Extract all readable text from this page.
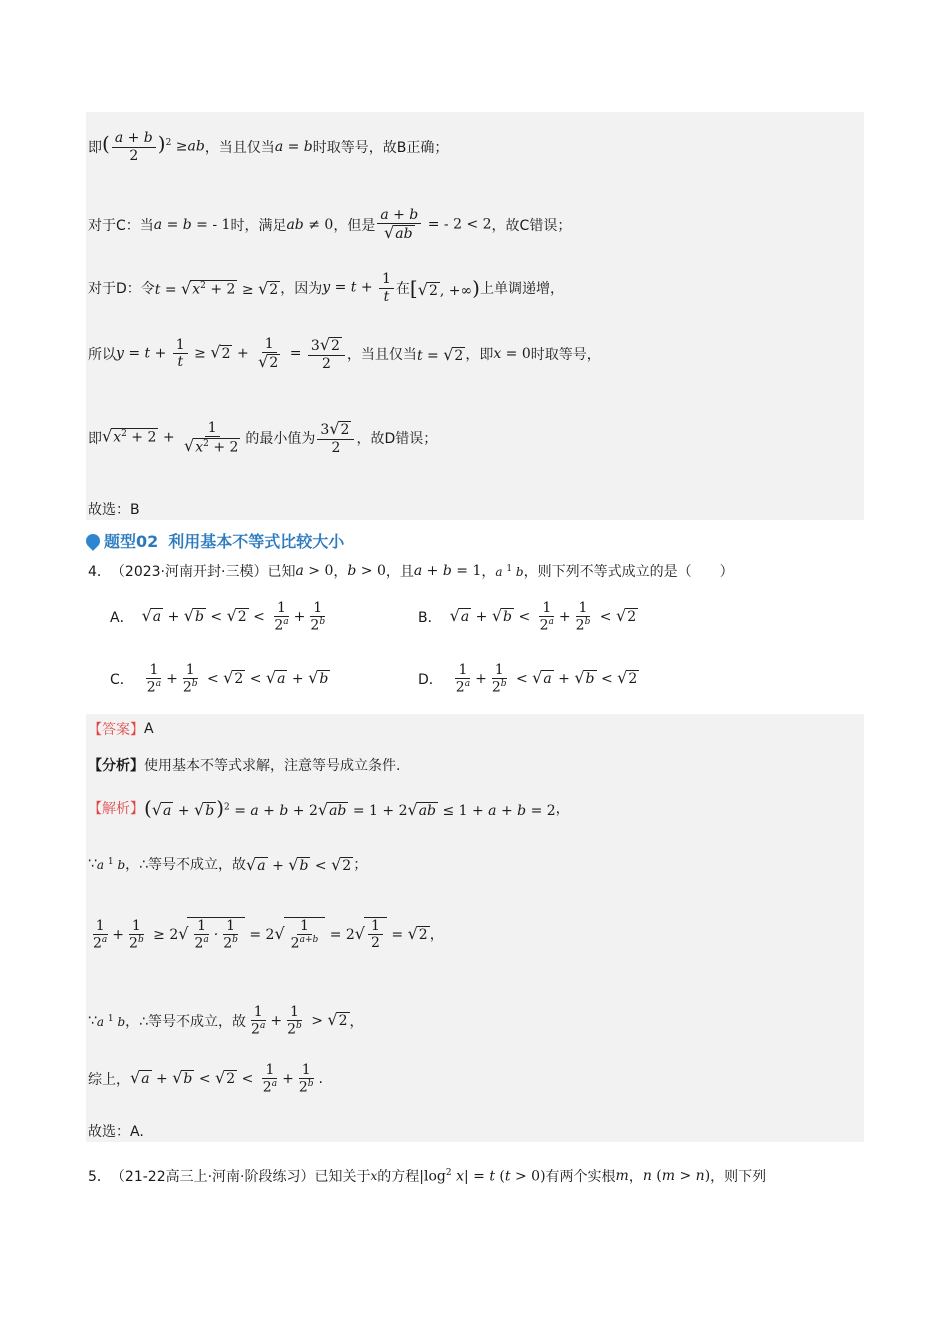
即 ( $\frac{a + b}{2} )^2 \ge ab$ ，当且仅当 a = b 时取等号，故B正确；
对于C：当 a = b = - 1 时，满足 ab ≠ 0 ，但是 $\frac{a + b}{√ab}$ = - 2 < 2 ，故C错误；
对于D：令 $t = √x^2 + 2 \ge √2$ ，因为 $y = t + \frac{1}{t}$ 在 [√2 , +∞) 上单调递增，
所以 $y = t + \frac{1}{t} \ge √2 + \frac{1}{√2} = \frac{3√2}{2}$ ，当且仅当 t = √2 ，即 x = 0 时取等号，
即 $√x^2 + 2 + \frac{1}{√x^2 + 2}$ 的最小值为 $\frac{3√2}{2}$ ，故D错误；
故选：B
题型02 利用基本不等式比较大小
4． （2023·河南开封·三模）已知 a > 0 ， b > 0 ，且 a + b = 1 ， a $^1$ b ，则下列不等式成立的是（　　）
A． $√a + √b < √2 < \frac{1}{2^a} + \frac{1}{2^b}$	B． $√a + √b < \frac{1}{2^a} + \frac{1}{2^b} < √2$
C． $\frac{1}{2^a} + \frac{1}{2^b} < √2 < √a + √b$	D． $\frac{1}{2^a} + \frac{1}{2^b} < √a + √b < √2$
【答案】 A
【分析】 使用基本不等式求解，注意等号成立条件.
【解析】 (√a + √b )$^2$ = a + b + 2√ab = 1 + 2√ab ≤ 1 + a + b = 2 ，
∵ a $^1$ b ，∴等号不成立，故 √a + √b < √2 ；
$\frac{1}{2^a} + \frac{1}{2^b} \ge 2√ \frac{1}{2^a} \cdot \frac{1}{2^b} = 2√ \frac{1}{2^{a+b}} = 2√ \frac{1}{2} = √2$ ，
∵ a $^1$ b ，∴等号不成立，故 $\frac{1}{2^a} + \frac{1}{2^b} > √2$ ，
综上， $√a + √b < √2 < \frac{1}{2^a} + \frac{1}{2^b}$ .
故选：A.
5． （21-22高三上·河南·阶段练习）已知关于 x 的方程 $|\log^2$ x| = t (t > 0) 有两个实根 m ， n (m > n) ，则下列
